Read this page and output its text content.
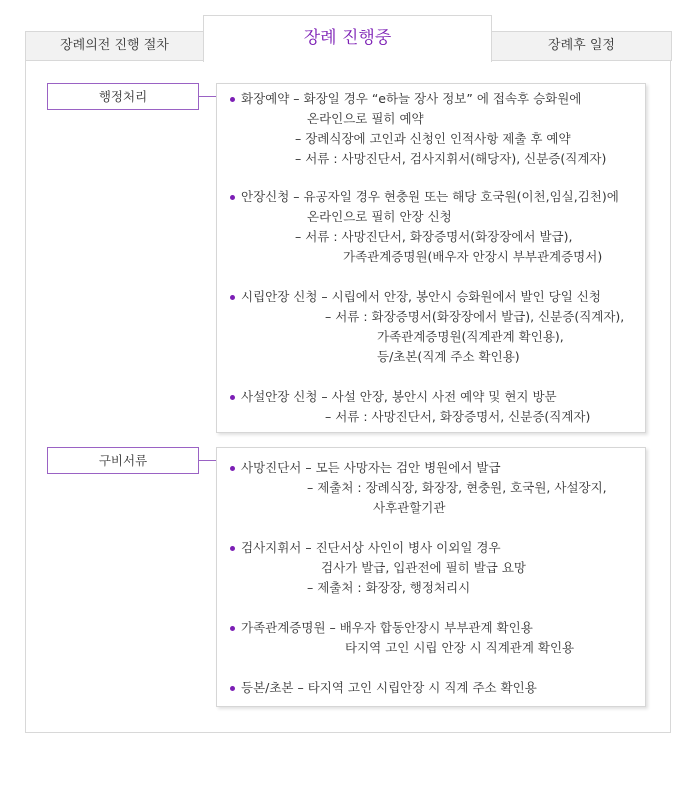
장례의전 진행 절차	장례 진행중	장례후 일정
행정처리	화장예약 – 화장일 경우 “e하늘 장사 정보” 에 접속후 승화원에
온라인으로 필히 예약
– 장례식장에 고인과 신청인 인적사항 제출 후 예약
– 서류 : 사망진단서, 검사지휘서(해당자), 신분증(직계자)
안장신청 – 유공자일 경우 현충원 또는 해당 호국원(이천,임실,김천)에
온라인으로 필히 안장 신청
– 서류 : 사망진단서, 화장증명서(화장장에서 발급),
가족관계증명원(배우자 안장시 부부관계증명서)
시립안장 신청 – 시립에서 안장, 봉안시 승화원에서 발인 당일 신청
– 서류 : 화장증명서(화장장에서 발급), 신분증(직계자),
가족관계증명원(직계관계 확인용),
등/초본(직계 주소 확인용)
사설안장 신청 – 사설 안장, 봉안시 사전 예약 및 현지 방문
– 서류 : 사망진단서, 화장증명서, 신분증(직계자)
구비서류	사망진단서 – 모든 사망자는 검안 병원에서 발급
– 제출처 : 장례식장, 화장장, 현충원, 호국원, 사설장지,
사후관할기관
검사지휘서 – 진단서상 사인이 병사 이외일 경우
검사가 발급, 입관전에 필히 발급 요망
– 제출처 : 화장장, 행정처리시
가족관계증명원 – 배우자 합동안장시 부부관계 확인용
타지역 고인 시립 안장 시 직계관계 확인용
등본/초본 – 타지역 고인 시립안장 시 직계 주소 확인용
